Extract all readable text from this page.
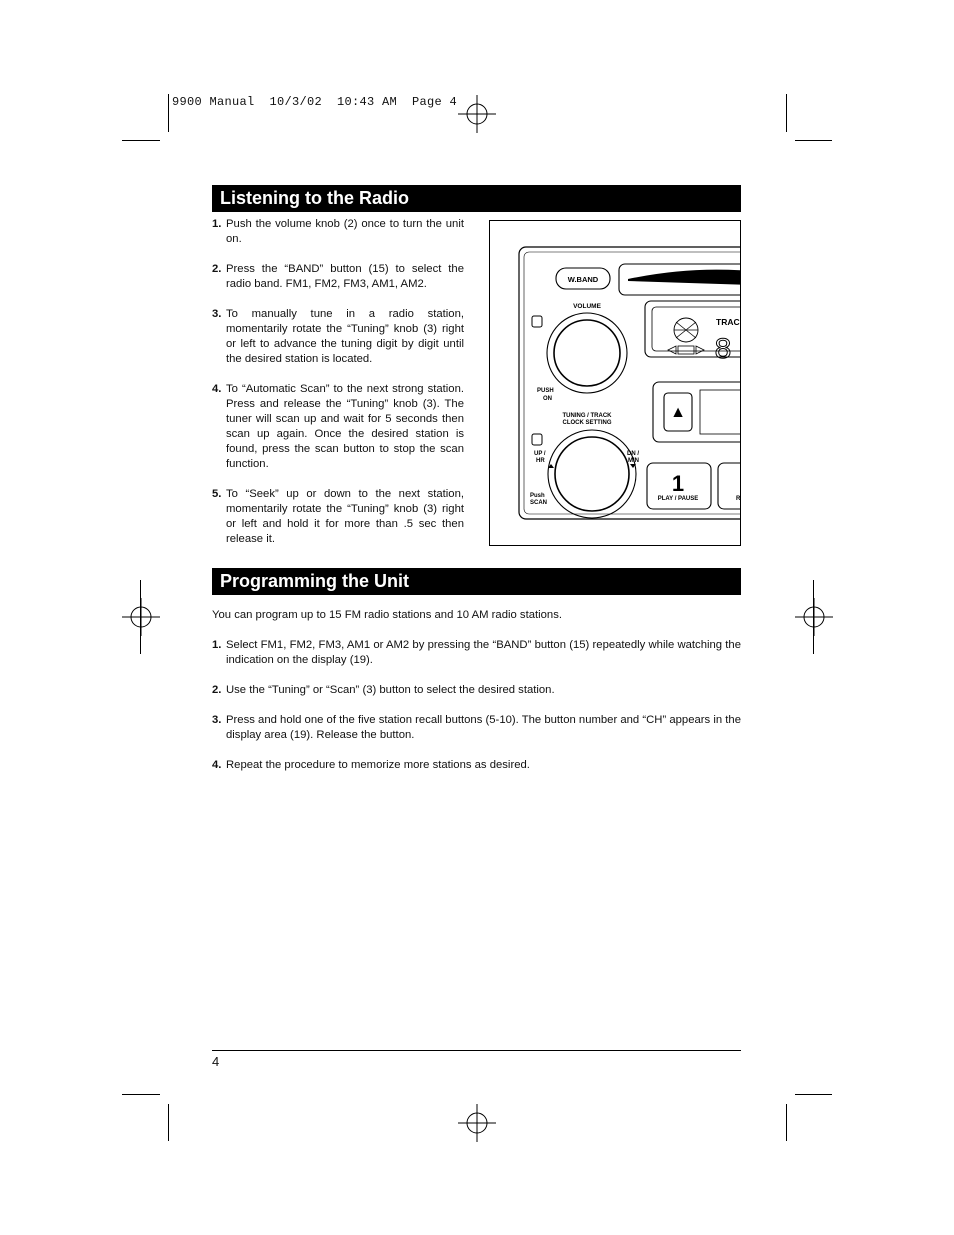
9900 Manual  10/3/02  10:43 AM  Page 4
Listening to the Radio
1. Push the volume knob (2) once to turn the unit on.
2. Press the “BAND” button (15) to select the radio band. FM1, FM2, FM3, AM1, AM2.
3. To manually tune in a radio station, momentarily rotate the “Tuning” knob (3) right or left to advance the tuning digit by digit until the desired station is located.
4. To “Automatic Scan” to the next strong station. Press and release the “Tuning” knob (3). The tuner will scan up and wait for 5 seconds then scan up again. Once the desired station is found, press the scan button to stop the scan function.
5. To “Seek” up or down to the next station, momentarily rotate the “Tuning” knob (3) right or left and hold it for more than .5 sec then release it.
W.BAND
VOLUME
PUSH
ON
TRAC
8
▲
TUNING / TRACK
CLOCK SETTING
UP /
HR
DN /
MIN
Push
SCAN
1
PLAY / PAUSE	R
Programming the Unit
You can program up to 15 FM radio stations and 10 AM radio stations.
1. Select FM1, FM2, FM3, AM1 or AM2 by pressing the “BAND” button (15) repeatedly while watching the indication on the display (19).
2. Use the “Tuning” or “Scan” (3) button to select the desired station.
3. Press and hold one of the five station recall buttons (5-10). The button number and “CH” appears in the display area (19). Release the button.
4. Repeat the procedure to memorize more stations as desired.
4
